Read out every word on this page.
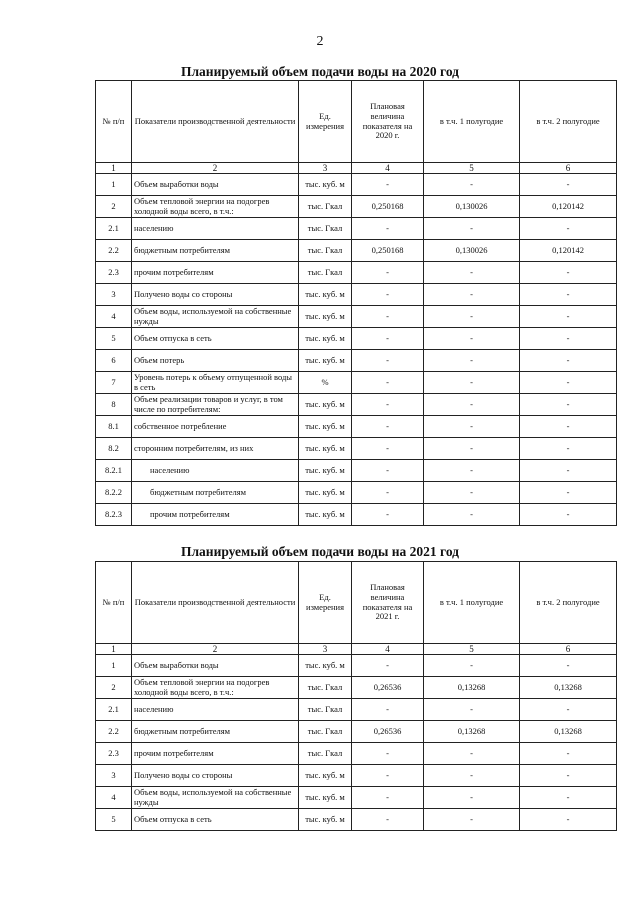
2
Планируемый объем подачи воды на 2020 год
№ п/п	Показатели производственной деятельности	Ед. измерения	Плановая величина показателя на 2020 г.	в т.ч. 1 полугодие	в т.ч. 2 полугодие
1	2	3	4	5	6
1	Объем выработки воды	тыс. куб. м	-	-	-
2	Объем тепловой энергии на подогрев холодной воды всего, в т.ч.:	тыс. Гкал	0,250168	0,130026	0,120142
2.1	населению	тыс. Гкал	-	-	-
2.2	бюджетным потребителям	тыс. Гкал	0,250168	0,130026	0,120142
2.3	прочим потребителям	тыс. Гкал	-	-	-
3	Получено воды со стороны	тыс. куб. м	-	-	-
4	Объем воды, используемой на собственные нужды	тыс. куб. м	-	-	-
5	Объем отпуска в сеть	тыс. куб. м	-	-	-
6	Объем потерь	тыс. куб. м	-	-	-
7	Уровень потерь к объему отпущенной воды в сеть	%	-	-	-
8	Объем реализации товаров и услуг, в том числе по потребителям:	тыс. куб. м	-	-	-
8.1	собственное потребление	тыс. куб. м	-	-	-
8.2	сторонним потребителям, из них	тыс. куб. м	-	-	-
8.2.1	населению	тыс. куб. м	-	-	-
8.2.2	бюджетным потребителям	тыс. куб. м	-	-	-
8.2.3	прочим потребителям	тыс. куб. м	-	-	-
Планируемый объем подачи воды на 2021 год
№ п/п	Показатели производственной деятельности	Ед. измерения	Плановая величина показателя на 2021 г.	в т.ч. 1 полугодие	в т.ч. 2 полугодие
1	2	3	4	5	6
1	Объем выработки воды	тыс. куб. м	-	-	-
2	Объем тепловой энергии на подогрев холодной воды всего, в т.ч.:	тыс. Гкал	0,26536	0,13268	0,13268
2.1	населению	тыс. Гкал	-	-	-
2.2	бюджетным потребителям	тыс. Гкал	0,26536	0,13268	0,13268
2.3	прочим потребителям	тыс. Гкал	-	-	-
3	Получено воды со стороны	тыс. куб. м	-	-	-
4	Объем воды, используемой на собственные нужды	тыс. куб. м	-	-	-
5	Объем отпуска в сеть	тыс. куб. м	-	-	-
